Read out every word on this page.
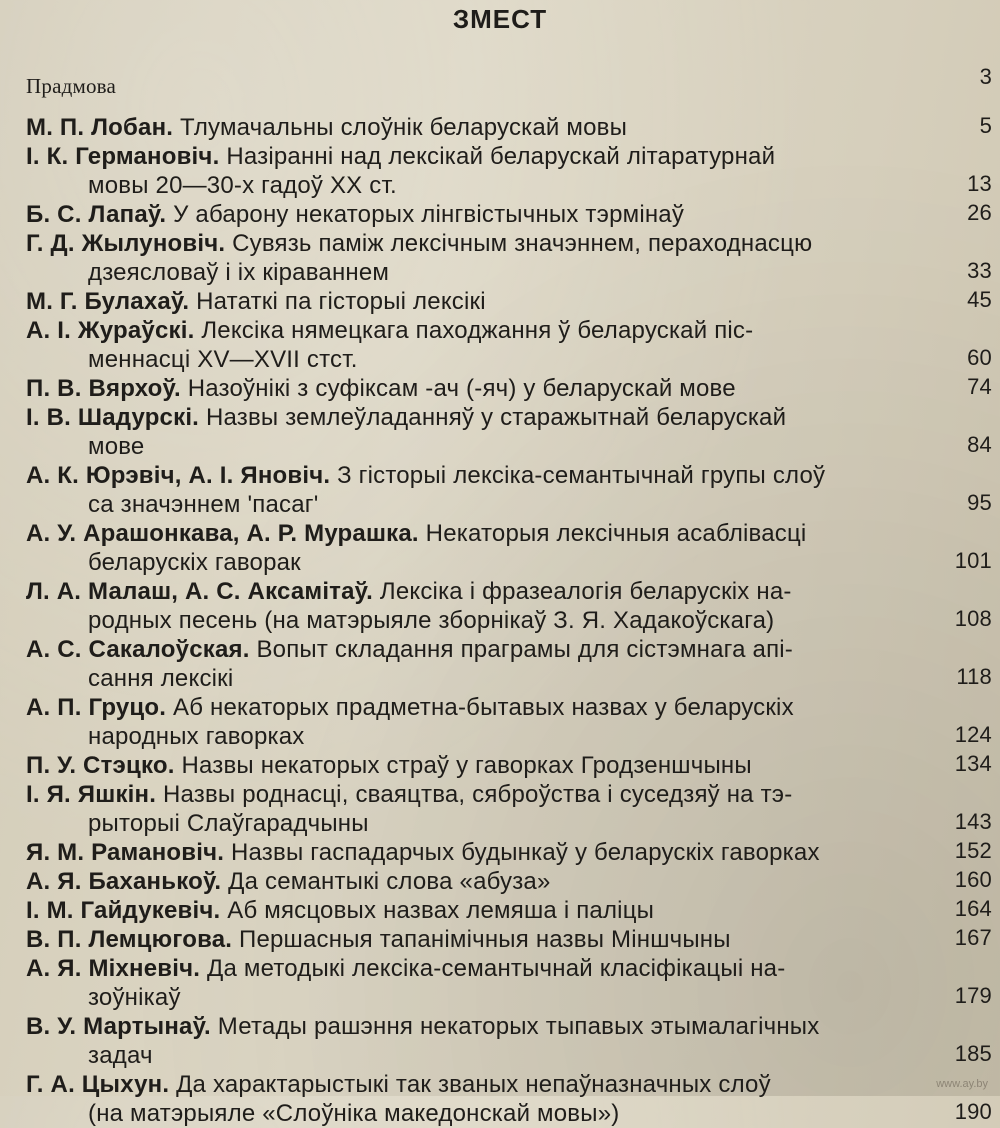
ЗМЕСТ
Прадмова	3
М. П. Лобан. Тлумачальны слоўнік беларускай мовы	5
І. К. Германовіч. Назіранні над лексікай беларускай літаратурнай
мовы 20—30-х гадоў XX ст.	13
Б. С. Лапаў. У абарону некаторых лінгвістычных тэрмінаў	26
Г. Д. Жылуновіч. Сувязь паміж лексічным значэннем, пераходнасцю
дзеясловаў і іх кіраваннем	33
М. Г. Булахаў. Нататкі па гісторыі лексікі	45
А. І. Жураўскі. Лексіка нямецкага паходжання ў беларускай піс-
меннасці XV—XVII стст.	60
П. В. Вярхоў. Назоўнікі з суфіксам -ач (-яч) у беларускай мове	74
І. В. Шадурскі. Назвы землеўладанняў у старажытнай беларускай
мове	84
А. К. Юрэвіч, А. І. Яновіч. З гісторыі лексіка-семантычнай групы слоў
са значэннем 'пасаг'	95
А. У. Арашонкава, А. Р. Мурашка. Некаторыя лексічныя асаблівасці
беларускіх гаворак	101
Л. А. Малаш, А. С. Аксамітаў. Лексіка і фразеалогія беларускіх на-
родных песень (на матэрыяле зборнікаў З. Я. Хадакоўскага)	108
А. С. Сакалоўская. Вопыт складання праграмы для сістэмнага апі-
сання лексікі	118
А. П. Груцо. Аб некаторых прадметна-бытавых назвах у беларускіх
народных гаворках	124
П. У. Стэцко. Назвы некаторых страў у гаворках Гродзеншчыны	134
І. Я. Яшкін. Назвы роднасці, сваяцтва, сяброўства і суседзяў на тэ-
рыторыі Слаўгарадчыны	143
Я. М. Рамановіч. Назвы гаспадарчых будынкаў у беларускіх гаворках	152
А. Я. Баханькоў. Да семантыкі слова «абуза»	160
І. М. Гайдукевіч. Аб мясцовых назвах лемяша і паліцы	164
В. П. Лемцюгова. Першасныя тапанімічныя назвы Міншчыны	167
А. Я. Міхневіч. Да методыкі лексіка-семантычнай класіфікацыі на-
зоўнікаў	179
В. У. Мартынаў. Метады рашэння некаторых тыпавых этымалагічных
задач	185
Г. А. Цыхун. Да характарыстыкі так званых непаўназначных слоў
(на матэрыяле «Слоўніка македонскай мовы»)	190
www.ay.by
